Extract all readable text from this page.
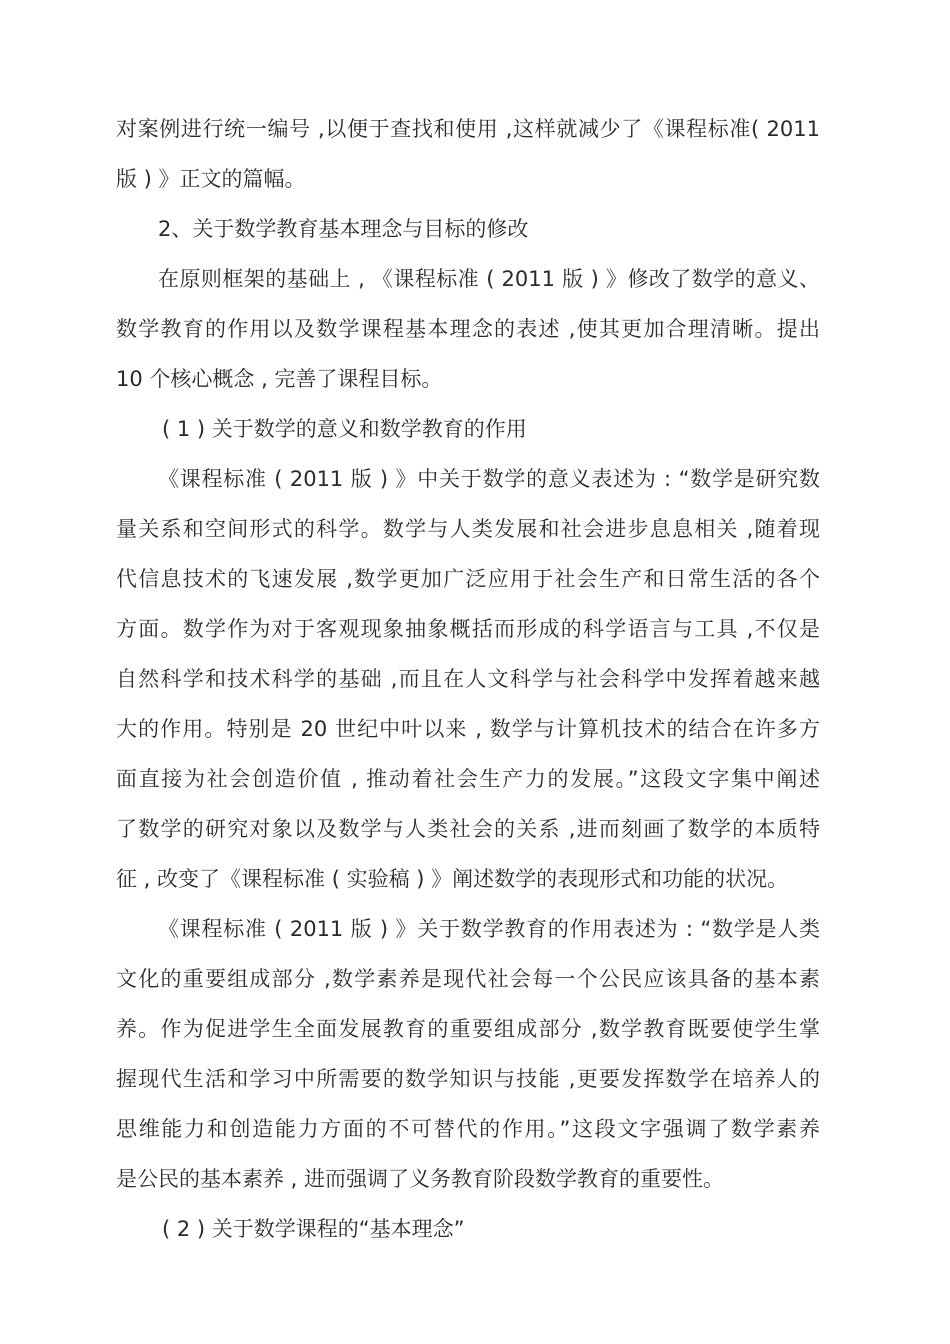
对案例进行统一编号 ,以便于查找和使用 ,这样就减少了《课程标准( 2011
版 ) 》正文的篇幅。
2、关于数学教育基本理念与目标的修改
在原则框架的基础上 , 《课程标准 ( 2011 版 ) 》修改了数学的意义、
数学教育的作用以及数学课程基本理念的表述 ,使其更加合理清晰。提出
10 个核心概念 , 完善了课程目标。
( 1 ) 关于数学的意义和数学教育的作用
《课程标准 ( 2011 版 ) 》中关于数学的意义表述为 : “数学是研究数
量关系和空间形式的科学。数学与人类发展和社会进步息息相关 ,随着现
代信息技术的飞速发展 ,数学更加广泛应用于社会生产和日常生活的各个
方面。数学作为对于客观现象抽象概括而形成的科学语言与工具 ,不仅是
自然科学和技术科学的基础 ,而且在人文科学与社会科学中发挥着越来越
大的作用。特别是 20 世纪中叶以来 , 数学与计算机技术的结合在许多方
面直接为社会创造价值 , 推动着社会生产力的发展。”这段文字集中阐述
了数学的研究对象以及数学与人类社会的关系 ,进而刻画了数学的本质特
征 , 改变了《课程标准 ( 实验稿 ) 》阐述数学的表现形式和功能的状况。
《课程标准 ( 2011 版 ) 》关于数学教育的作用表述为 : “数学是人类
文化的重要组成部分 ,数学素养是现代社会每一个公民应该具备的基本素
养。作为促进学生全面发展教育的重要组成部分 ,数学教育既要使学生掌
握现代生活和学习中所需要的数学知识与技能 ,更要发挥数学在培养人的
思维能力和创造能力方面的不可替代的作用。”这段文字强调了数学素养
是公民的基本素养 , 进而强调了义务教育阶段数学教育的重要性。
( 2 ) 关于数学课程的“基本理念”
